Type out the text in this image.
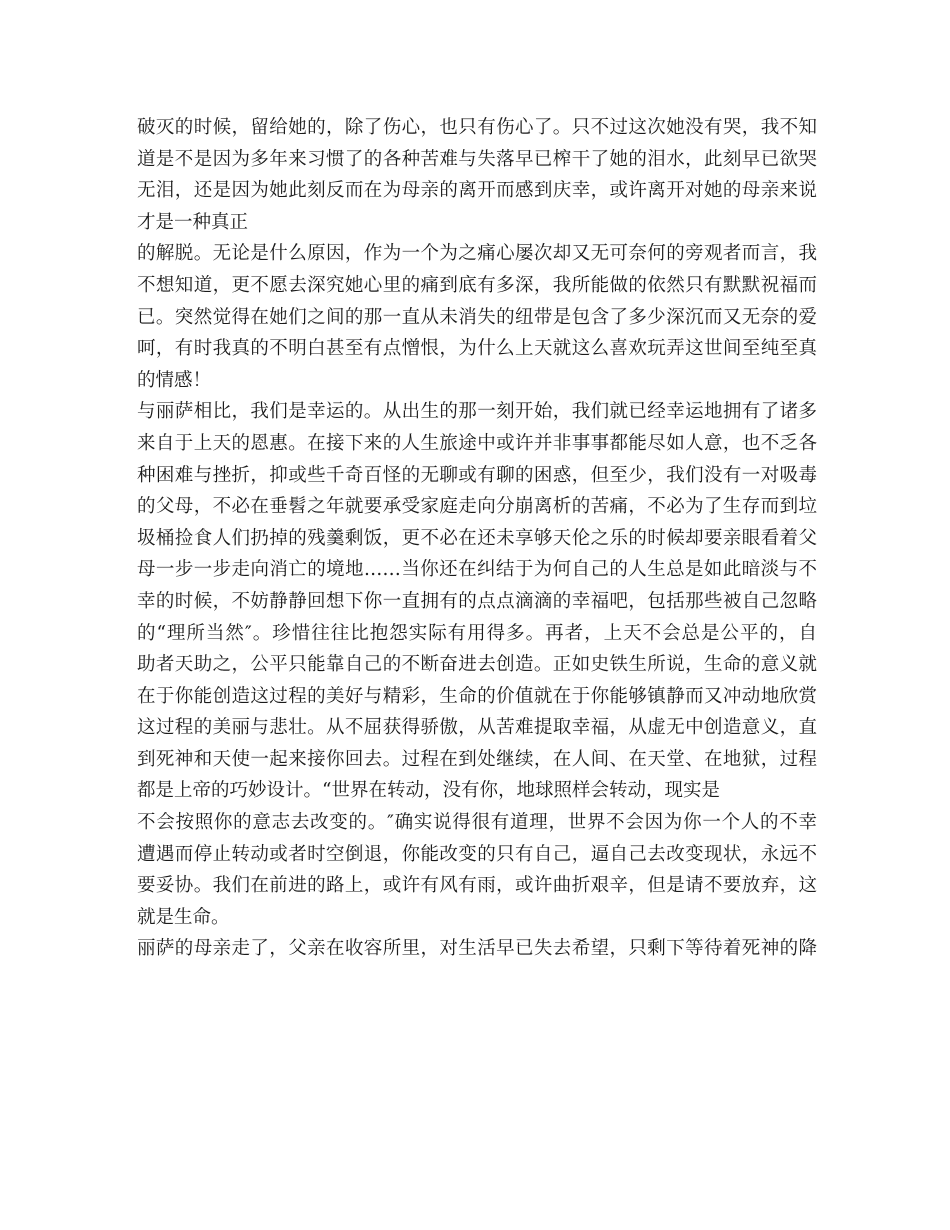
破灭的时候，留给她的，除了伤心，也只有伤心了。只不过这次她没有哭，我不知
道是不是因为多年来习惯了的各种苦难与失落早已榨干了她的泪水，此刻早已欲哭
无泪，还是因为她此刻反而在为母亲的离开而感到庆幸，或许离开对她的母亲来说
才是一种真正
的解脱。无论是什么原因，作为一个为之痛心屡次却又无可奈何的旁观者而言，我
不想知道，更不愿去深究她心里的痛到底有多深，我所能做的依然只有默默祝福而
已。突然觉得在她们之间的那一直从未消失的纽带是包含了多少深沉而又无奈的爱
呵，有时我真的不明白甚至有点憎恨，为什么上天就这么喜欢玩弄这世间至纯至真
的情感！
与丽萨相比，我们是幸运的。从出生的那一刻开始，我们就已经幸运地拥有了诸多
来自于上天的恩惠。在接下来的人生旅途中或许并非事事都能尽如人意，也不乏各
种困难与挫折，抑或些千奇百怪的无聊或有聊的困惑，但至少，我们没有一对吸毒
的父母，不必在垂髫之年就要承受家庭走向分崩离析的苦痛，不必为了生存而到垃
圾桶捡食人们扔掉的残羹剩饭，更不必在还未享够天伦之乐的时候却要亲眼看着父
母一步一步走向消亡的境地……当你还在纠结于为何自己的人生总是如此暗淡与不
幸的时候，不妨静静回想下你一直拥有的点点滴滴的幸福吧，包括那些被自己忽略
的“理所当然″。珍惜往往比抱怨实际有用得多。再者，上天不会总是公平的，自
助者天助之，公平只能靠自己的不断奋进去创造。正如史铁生所说，生命的意义就
在于你能创造这过程的美好与精彩，生命的价值就在于你能够镇静而又冲动地欣赏
这过程的美丽与悲壮。从不屈获得骄傲，从苦难提取幸福，从虚无中创造意义，直
到死神和天使一起来接你回去。过程在到处继续，在人间、在天堂、在地狱，过程
都是上帝的巧妙设计。“世界在转动，没有你，地球照样会转动，现实是
不会按照你的意志去改变的。″确实说得很有道理，世界不会因为你一个人的不幸
遭遇而停止转动或者时空倒退，你能改变的只有自己，逼自己去改变现状，永远不
要妥协。我们在前进的路上，或许有风有雨，或许曲折艰辛，但是请不要放弃，这
就是生命。
丽萨的母亲走了，父亲在收容所里，对生活早已失去希望，只剩下等待着死神的降
